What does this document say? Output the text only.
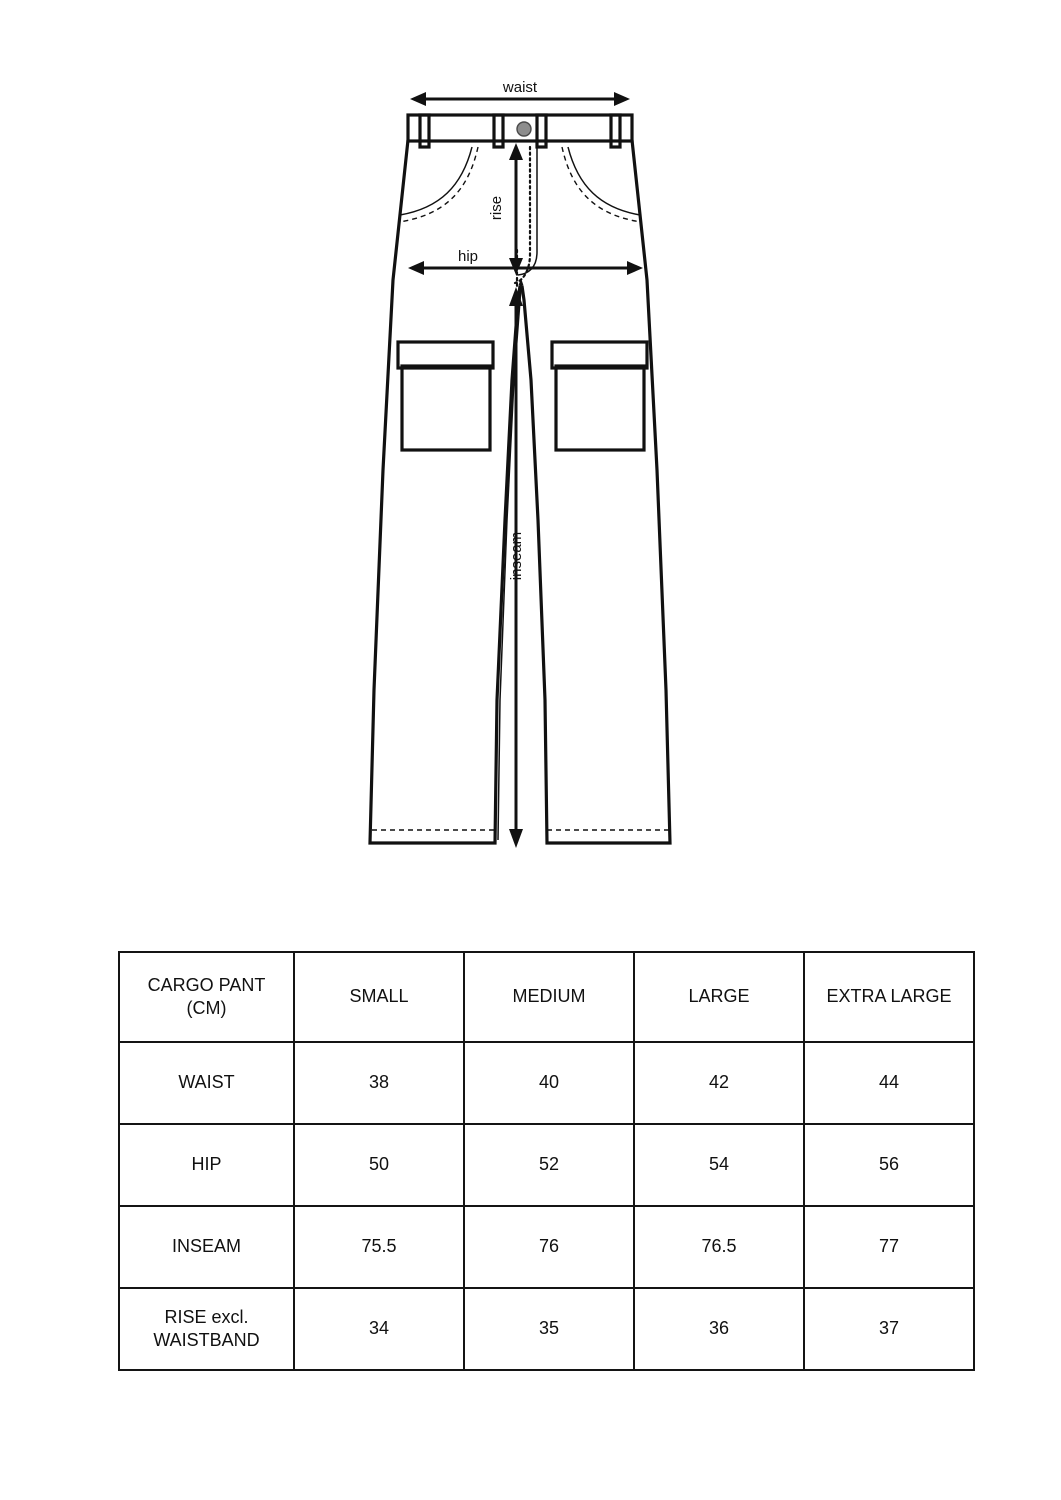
waist
rise
hip
inseam
CARGO PANT
(CM)	SMALL	MEDIUM	LARGE	EXTRA LARGE

WAIST	38	40	42	44

HIP	50	52	54	56

INSEAM	75.5	76	76.5	77

RISE excl.
WAISTBAND	34	35	36	37
